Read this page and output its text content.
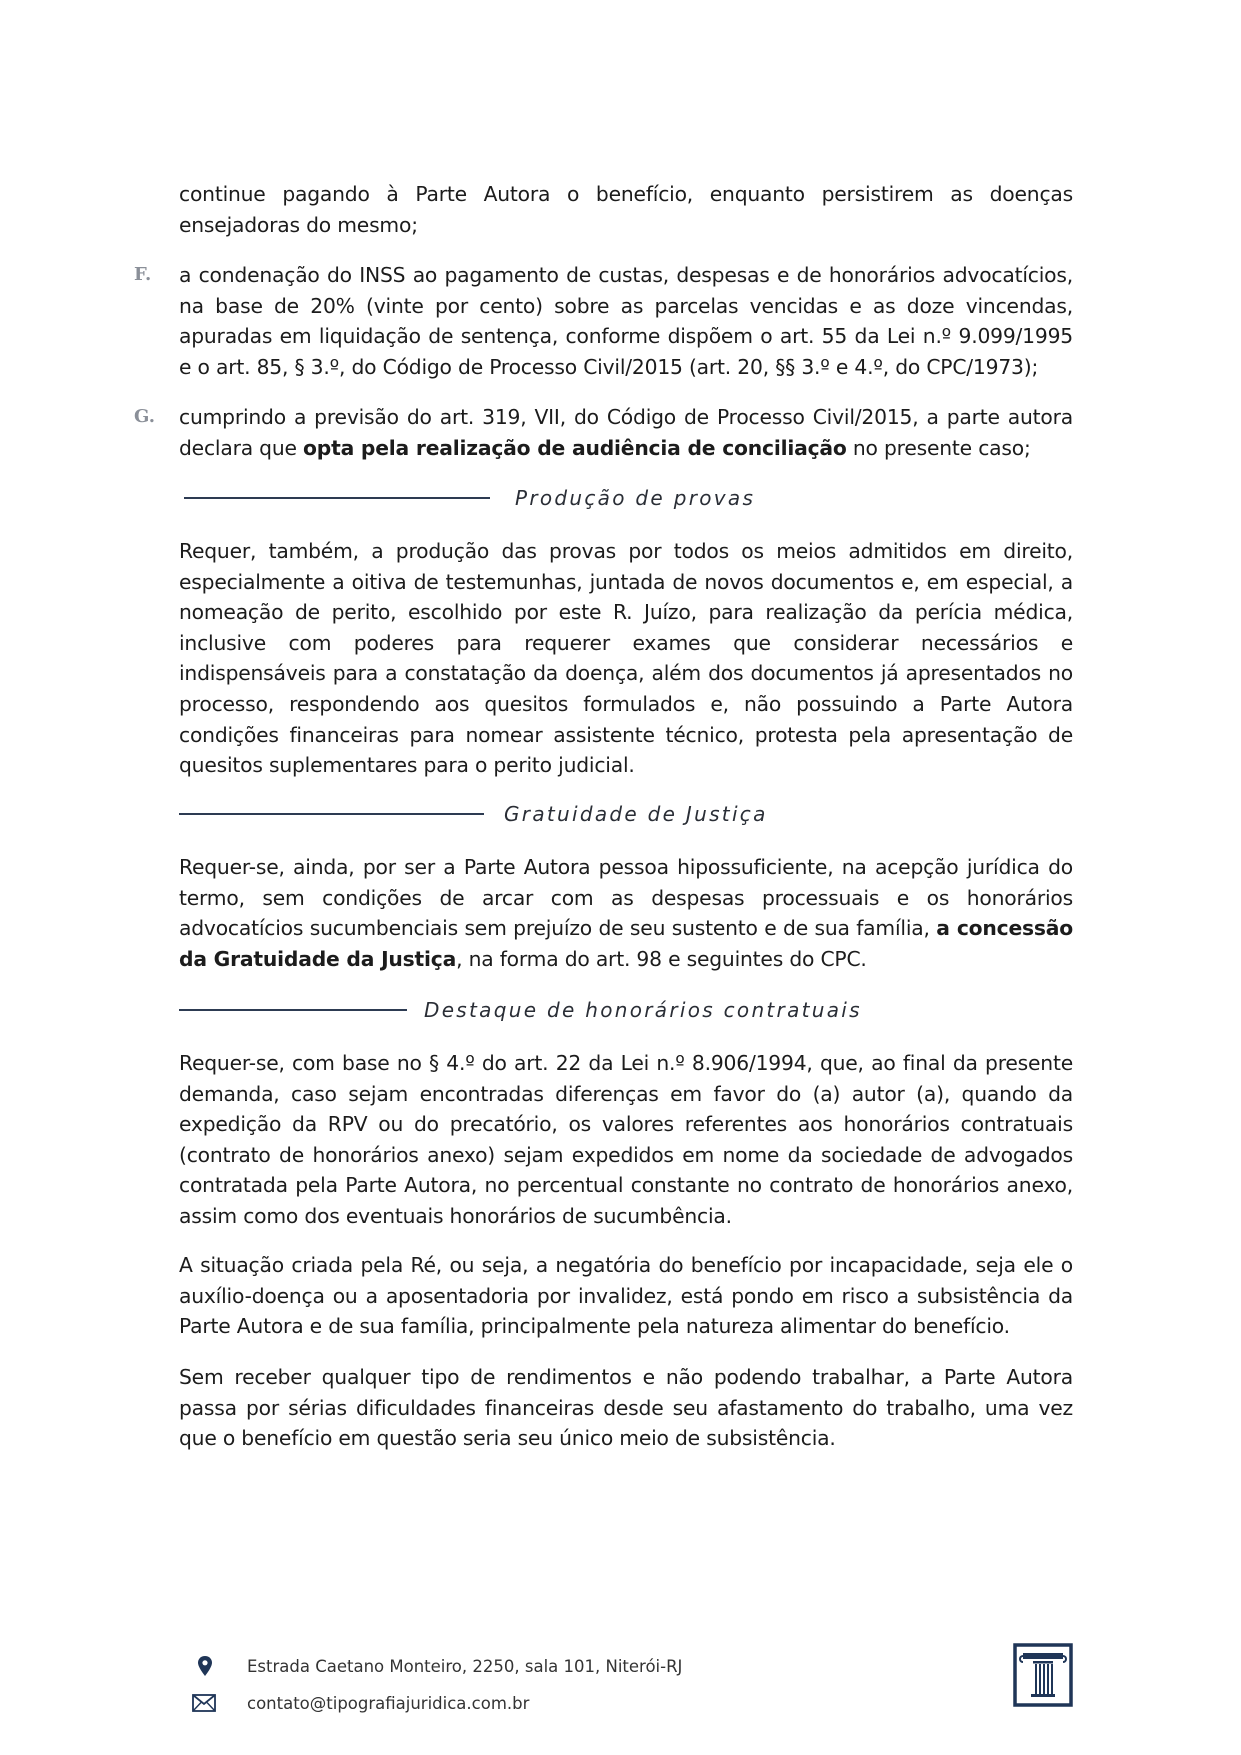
continue pagando à Parte Autora o benefício, enquanto persistirem as doenças ensejadoras do mesmo;
F. a condenação do INSS ao pagamento de custas, despesas e de honorários advocatícios, na base de 20% (vinte por cento) sobre as parcelas vencidas e as doze vincendas, apuradas em liquidação de sentença, conforme dispõem o art. 55 da Lei n.º 9.099/1995 e o art. 85, § 3.º, do Código de Processo Civil/2015 (art. 20, §§ 3.º e 4.º, do CPC/1973);
G. cumprindo a previsão do art. 319, VII, do Código de Processo Civil/2015, a parte autora declara que opta pela realização de audiência de conciliação no presente caso;
Produção de provas
Requer, também, a produção das provas por todos os meios admitidos em direito, especialmente a oitiva de testemunhas, juntada de novos documentos e, em especial, a nomeação de perito, escolhido por este R. Juízo, para realização da perícia médica, inclusive com poderes para requerer exames que considerar necessários e indispensáveis para a constatação da doença, além dos documentos já apresentados no processo, respondendo aos quesitos formulados e, não possuindo a Parte Autora condições financeiras para nomear assistente técnico, protesta pela apresentação de quesitos suplementares para o perito judicial.
Gratuidade de Justiça
Requer-se, ainda, por ser a Parte Autora pessoa hipossuficiente, na acepção jurídica do termo, sem condições de arcar com as despesas processuais e os honorários advocatícios sucumbenciais sem prejuízo de seu sustento e de sua família, a concessão da Gratuidade da Justiça, na forma do art. 98 e seguintes do CPC.
Destaque de honorários contratuais
Requer-se, com base no § 4.º do art. 22 da Lei n.º 8.906/1994, que, ao final da presente demanda, caso sejam encontradas diferenças em favor do (a) autor (a), quando da expedição da RPV ou do precatório, os valores referentes aos honorários contratuais (contrato de honorários anexo) sejam expedidos em nome da sociedade de advogados contratada pela Parte Autora, no percentual constante no contrato de honorários anexo, assim como dos eventuais honorários de sucumbência.
A situação criada pela Ré, ou seja, a negatória do benefício por incapacidade, seja ele o auxílio-doença ou a aposentadoria por invalidez, está pondo em risco a subsistência da Parte Autora e de sua família, principalmente pela natureza alimentar do benefício.
Sem receber qualquer tipo de rendimentos e não podendo trabalhar, a Parte Autora passa por sérias dificuldades financeiras desde seu afastamento do trabalho, uma vez que o benefício em questão seria seu único meio de subsistência.
Estrada Caetano Monteiro, 2250, sala 101, Niterói-RJ
contato@tipografiajuridica.com.br
